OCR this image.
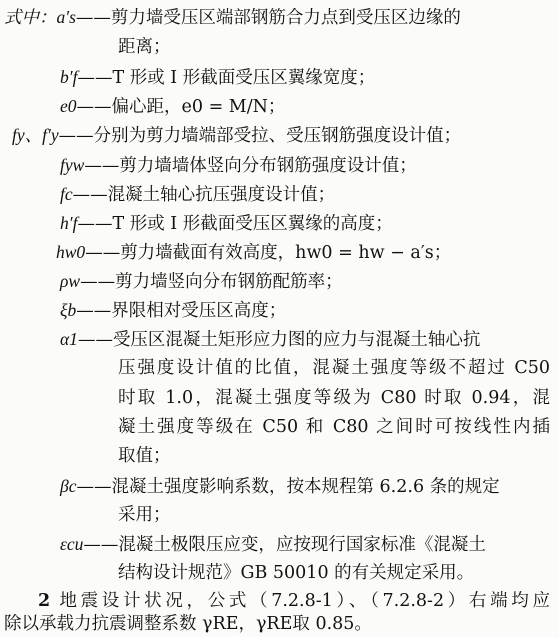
式中：a′s——剪力墙受压区端部钢筋合力点到受压区边缘的
距离；
b′f——T 形或 I 形截面受压区翼缘宽度；
e0——偏心距，e0 = M/N；
fy、f′y——分别为剪力墙端部受拉、受压钢筋强度设计值；
fyw——剪力墙墙体竖向分布钢筋强度设计值；
fc——混凝土轴心抗压强度设计值；
h′f——T 形或 I 形截面受压区翼缘的高度；
hw0——剪力墙截面有效高度，hw0 = hw − a′s；
ρw——剪力墙竖向分布钢筋配筋率；
ξb——界限相对受压区高度；
α1——受压区混凝土矩形应力图的应力与混凝土轴心抗
压强度设计值的比值，混凝土强度等级不超过 C50
时取 1.0，混凝土强度等级为 C80 时取 0.94，混
凝土强度等级在 C50 和 C80 之间时可按线性内插
取值；
βc——混凝土强度影响系数，按本规程第 6.2.6 条的规定
采用；
εcu——混凝土极限压应变，应按现行国家标准《混凝土
结构设计规范》GB 50010 的有关规定采用。
2 地震设计状况，公式（7.2.8-1）、（7.2.8-2）右端均应
除以承载力抗震调整系数 γRE，γRE取 0.85。
